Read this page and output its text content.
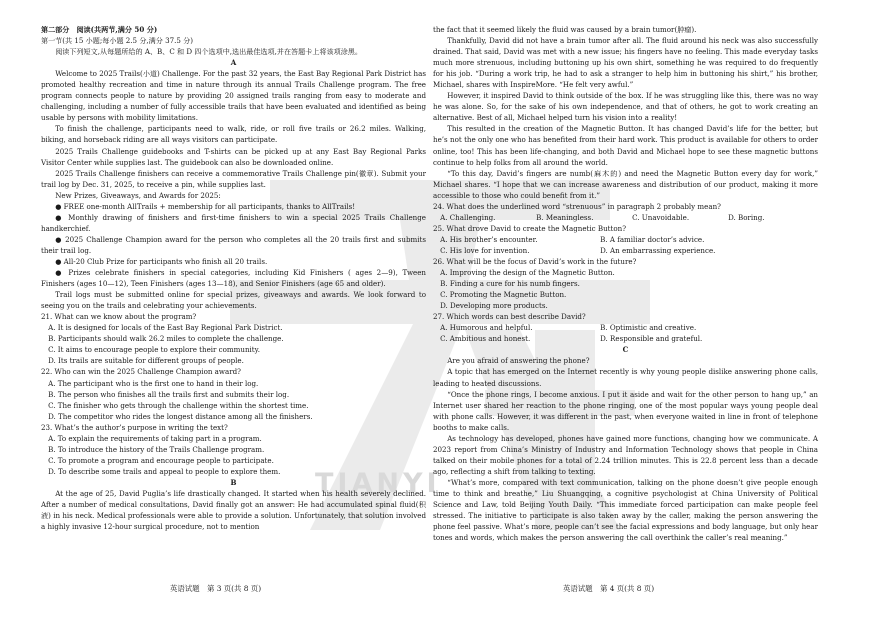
TIANYI

第二部分　阅读(共两节,满分 50 分)

第一节(共 15 小题;每小题 2.5 分,满分 37.5 分)

阅读下列短文,从每题所给的 A、B、C 和 D 四个选项中,选出最佳选项,并在答题卡上将该项涂黑。

A

Welcome to 2025 Trails(小道) Challenge. For the past 32 years, the East Bay Regional Park District has promoted healthy recreation and time in nature through its annual Trails Challenge program. The free program connects people to nature by providing 20 assigned trails ranging from easy to moderate and challenging, including a number of fully accessible trails that have been evaluated and identified as being usable by persons with mobility limitations.

To finish the challenge, participants need to walk, ride, or roll five trails or 26.2 miles. Walking, biking, and horseback riding are all ways visitors can participate.

2025 Trails Challenge guidebooks and T-shirts can be picked up at any East Bay Regional Parks Visitor Center while supplies last. The guidebook can also be downloaded online.

2025 Trails Challenge finishers can receive a commemorative Trails Challenge pin(徽章). Submit your trail log by Dec. 31, 2025, to receive a pin, while supplies last.

New Prizes, Giveaways, and Awards for 2025:

● FREE one-month AllTrails + membership for all participants, thanks to AllTrails!

● Monthly drawing of finishers and first-time finishers to win a special 2025 Trails Challenge handkerchief.

● 2025 Challenge Champion award for the person who completes all the 20 trails first and submits their trail log.

● All-20 Club Prize for participants who finish all 20 trails.

● Prizes celebrate finishers in special categories, including Kid Finishers ( ages 2—9), Tween Finishers (ages 10—12), Teen Finishers (ages 13—18), and Senior Finishers (age 65 and older).

Trail logs must be submitted online for special prizes, giveaways and awards. We look forward to seeing you on the trails and celebrating your achievements.

21. What can we know about the program?

A. It is designed for locals of the East Bay Regional Park District.

B. Participants should walk 26.2 miles to complete the challenge.

C. It aims to encourage people to explore their community.

D. Its trails are suitable for different groups of people.

22. Who can win the 2025 Challenge Champion award?

A. The participant who is the first one to hand in their log.

B. The person who finishes all the trails first and submits their log.

C. The finisher who gets through the challenge within the shortest time.

D. The competitor who rides the longest distance among all the finishers.

23. What’s the author’s purpose in writing the text?

A. To explain the requirements of taking part in a program.

B. To introduce the history of the Trails Challenge program.

C. To promote a program and encourage people to participate.

D. To describe some trails and appeal to people to explore them.

B

At the age of 25, David Puglia’s life drastically changed. It started when his health severely declined. After a number of medical consultations, David finally got an answer: He had accumulated spinal fluid(积液) in his neck. Medical professionals were able to provide a solution. Unfortunately, that solution involved a highly invasive 12-hour surgical procedure, not to mention

the fact that it seemed likely the fluid was caused by a brain tumor(肿瘤).

Thankfully, David did not have a brain tumor after all. The fluid around his neck was also successfully drained. That said, David was met with a new issue; his fingers have no feeling. This made everyday tasks much more strenuous, including buttoning up his own shirt, something he was required to do frequently for his job. “During a work trip, he had to ask a stranger to help him in buttoning his shirt,” his brother, Michael, shares with InspireMore. “He felt very awful.”

However, it inspired David to think outside of the box. If he was struggling like this, there was no way he was alone. So, for the sake of his own independence, and that of others, he got to work creating an alternative. Best of all, Michael helped turn his vision into a reality!

This resulted in the creation of the Magnetic Button. It has changed David’s life for the better, but he’s not the only one who has benefited from their hard work. This product is available for others to order online, too! This has been life-changing, and both David and Michael hope to see these magnetic buttons continue to help folks from all around the world.

“To this day, David’s fingers are numb(麻木的) and need the Magnetic Button every day for work,” Michael shares. “I hope that we can increase awareness and distribution of our product, making it more accessible to those who could benefit from it.”

24. What does the underlined word “strenuous” in paragraph 2 probably mean?

A. Challenging.	B. Meaningless.	C. Unavoidable.	D. Boring.

25. What drove David to create the Magnetic Button?

A. His brother’s encounter.	B. A familiar doctor’s advice.
C. His love for invention.	D. An embarrassing experience.

26. What will be the focus of David’s work in the future?

A. Improving the design of the Magnetic Button.

B. Finding a cure for his numb fingers.

C. Promoting the Magnetic Button.

D. Developing more products.

27. Which words can best describe David?

A. Humorous and helpful.	B. Optimistic and creative.
C. Ambitious and honest.	D. Responsible and grateful.

C

Are you afraid of answering the phone?

A topic that has emerged on the Internet recently is why young people dislike answering phone calls, leading to heated discussions.

“Once the phone rings, I become anxious. I put it aside and wait for the other person to hang up,” an Internet user shared her reaction to the phone ringing, one of the most popular ways young people deal with phone calls. However, it was different in the past, when everyone waited in line in front of telephone booths to make calls.

As technology has developed, phones have gained more functions, changing how we communicate. A 2023 report from China’s Ministry of Industry and Information Technology shows that people in China talked on their mobile phones for a total of 2.24 trillion minutes. This is 22.8 percent less than a decade ago, reflecting a shift from talking to texting.

“What’s more, compared with text communication, talking on the phone doesn’t give people enough time to think and breathe,” Liu Shuangqing, a cognitive psychologist at China University of Political Science and Law, told Beijing Youth Daily. “This immediate forced participation can make people feel stressed. The initiative to participate is also taken away by the caller, making the person answering the phone feel passive. What’s more, people can’t see the facial expressions and body language, but only hear tones and words, which makes the person answering the call overthink the caller’s real meaning.”

英语试题　第 3 页(共 8 页)	英语试题　第 4 页(共 8 页)
